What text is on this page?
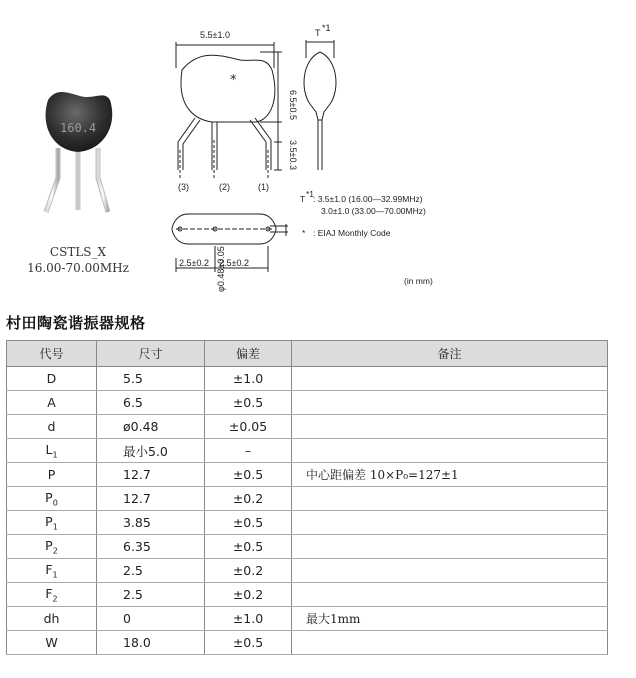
160.4
5.5±1.0
6.5±0.5
3.5±0.3
*
(3)	(2)	(1)
T *1
2.5±0.2 2.5±0.2
φ0.48±0.05
T *1
: 3.5±1.0 (16.00—32.99MHz)
3.0±1.0 (33.00—70.00MHz)
* : EIAJ Monthly Code
(in mm)
CSTLS_X
16.00-70.00MHz
村田陶瓷谐振器规格
代号	尺寸	偏差	备注
D	5.5	±1.0	
A	6.5	±0.5	
d	ø0.48	±0.05	
$L_1$	最小5.0	–	
P	12.7	±0.5	中心距偏差 10×P₀=127±1
$P_0$	12.7	±0.2	
$P_1$	3.85	±0.5	
$P_2$	6.35	±0.5	
$F_1$	2.5	±0.2	
$F_2$	2.5	±0.2	
dh	0	±1.0	最大1mm
W	18.0	±0.5	
